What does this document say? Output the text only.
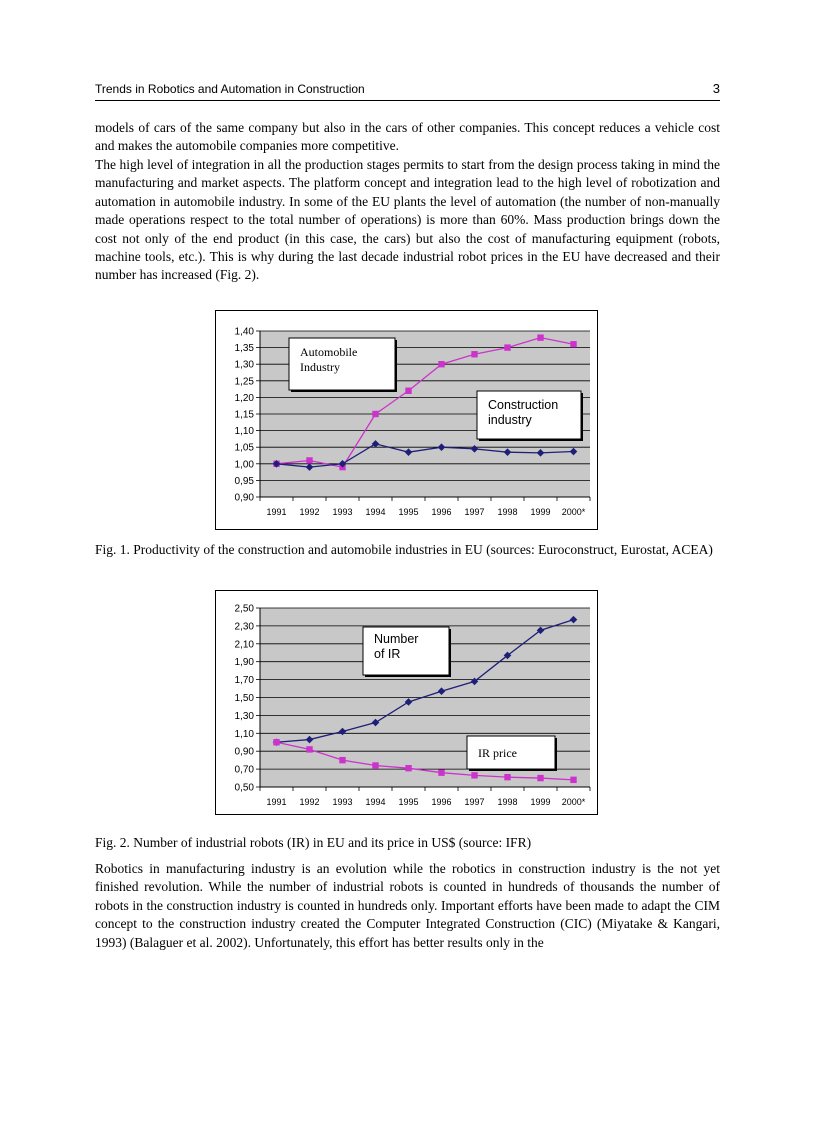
Trends in Robotics and Automation in Construction	3

models of cars of the same company but also in the cars of other companies. This concept reduces a vehicle cost and makes the automobile companies more competitive.

The high level of integration in all the production stages permits to start from the design process taking in mind the manufacturing and market aspects. The platform concept and integration lead to the high level of robotization and automation in automobile industry. In some of the EU plants the level of automation (the number of non-manually made operations respect to the total number of operations) is more than 60%. Mass production brings down the cost not only of the end product (in this case, the cars) but also the cost of manufacturing equipment (robots, machine tools, etc.). This is why during the last decade industrial robot prices in the EU have decreased and their number has increased (Fig. 2).

0,90
0,95
1,00
1,05
1,10
1,15
1,20
1,25
1,30
1,35
1,40
1991 1992 1993 1994 1995 1996 1997 1998 1999 2000*
Automobile
Industry
Construction
industry

Fig. 1. Productivity of the construction and automobile industries in EU (sources: Euroconstruct, Eurostat, ACEA)

0,50
0,70
0,90
1,10
1,30
1,50
1,70
1,90
2,10
2,30
2,50
1991 1992 1993 1994 1995 1996 1997 1998 1999 2000*
Number
of IR
IR price

Fig. 2. Number of industrial robots (IR) in EU and its price in US$ (source: IFR)

Robotics in manufacturing industry is an evolution while the robotics in construction industry is the not yet finished revolution. While the number of industrial robots is counted in hundreds of thousands the number of robots in the construction industry is counted in hundreds only. Important efforts have been made to adapt the CIM concept to the construction industry created the Computer Integrated Construction (CIC) (Miyatake & Kangari, 1993) (Balaguer et al. 2002). Unfortunately, this effort has better results only in the
